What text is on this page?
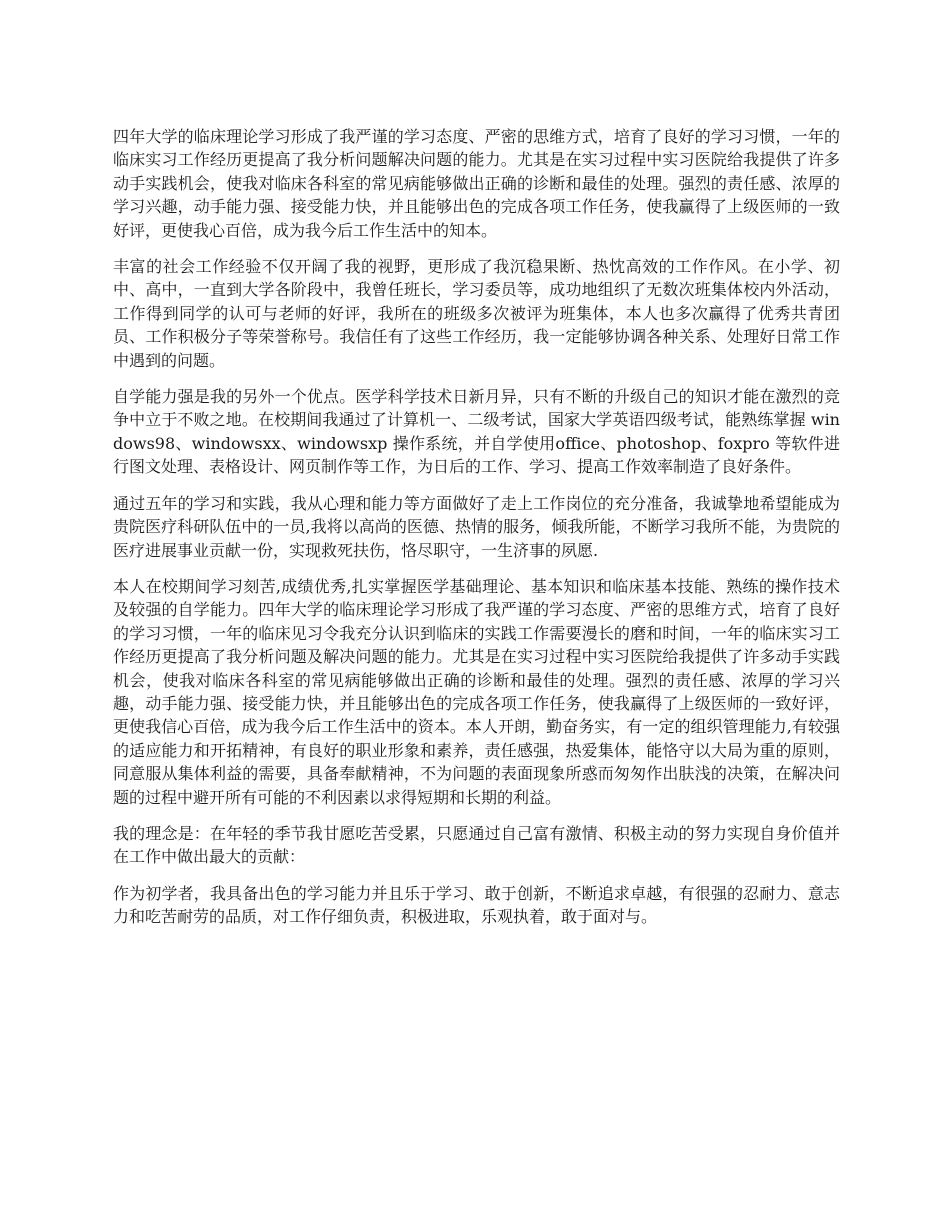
四年大学的临床理论学习形成了我严谨的学习态度、严密的思维方式，培育了良好的学习习惯，一年的临床实习工作经历更提高了我分析问题解决问题的能力。尤其是在实习过程中实习医院给我提供了许多动手实践机会，使我对临床各科室的常见病能够做出正确的诊断和最佳的处理。强烈的责任感、浓厚的学习兴趣，动手能力强、接受能力快，并且能够出色的完成各项工作任务，使我赢得了上级医师的一致好评，更使我心百倍，成为我今后工作生活中的知本。

丰富的社会工作经验不仅开阔了我的视野，更形成了我沉稳果断、热忱高效的工作作风。在小学、初中、高中，一直到大学各阶段中，我曾任班长，学习委员等，成功地组织了无数次班集体校内外活动，工作得到同学的认可与老师的好评，我所在的班级多次被评为班集体，本人也多次赢得了优秀共青团员、工作积极分子等荣誉称号。我信任有了这些工作经历，我一定能够协调各种关系、处理好日常工作中遇到的问题。

自学能力强是我的另外一个优点。医学科学技术日新月异，只有不断的升级自己的知识才能在激烈的竞争中立于不败之地。在校期间我通过了计算机一、二级考试，国家大学英语四级考试，能熟练掌握 windows98、windowsxx、windowsxp 操作系统，并自学使用office、photoshop、foxpro 等软件进行图文处理、表格设计、网页制作等工作，为日后的工作、学习、提高工作效率制造了良好条件。

通过五年的学习和实践，我从心理和能力等方面做好了走上工作岗位的充分准备，我诚挚地希望能成为贵院医疗科研队伍中的一员,我将以高尚的医德、热情的服务，倾我所能，不断学习我所不能，为贵院的医疗进展事业贡献一份，实现救死扶伤，恪尽职守，一生济事的夙愿.

本人在校期间学习刻苦,成绩优秀,扎实掌握医学基础理论、基本知识和临床基本技能、熟练的操作技术及较强的自学能力。四年大学的临床理论学习形成了我严谨的学习态度、严密的思维方式，培育了良好的学习习惯，一年的临床见习令我充分认识到临床的实践工作需要漫长的磨和时间，一年的临床实习工作经历更提高了我分析问题及解决问题的能力。尤其是在实习过程中实习医院给我提供了许多动手实践机会，使我对临床各科室的常见病能够做出正确的诊断和最佳的处理。强烈的责任感、浓厚的学习兴趣，动手能力强、接受能力快，并且能够出色的完成各项工作任务，使我赢得了上级医师的一致好评，更使我信心百倍，成为我今后工作生活中的资本。本人开朗，勤奋务实，有一定的组织管理能力,有较强的适应能力和开拓精神，有良好的职业形象和素养，责任感强，热爱集体，能恪守以大局为重的原则，同意服从集体利益的需要，具备奉献精神，不为问题的表面现象所惑而匆匆作出肤浅的决策，在解决问题的过程中避开所有可能的不利因素以求得短期和长期的利益。

我的理念是：在年轻的季节我甘愿吃苦受累，只愿通过自己富有激情、积极主动的努力实现自身价值并在工作中做出最大的贡献：

作为初学者，我具备出色的学习能力并且乐于学习、敢于创新，不断追求卓越，有很强的忍耐力、意志力和吃苦耐劳的品质，对工作仔细负责，积极进取，乐观执着，敢于面对与。
